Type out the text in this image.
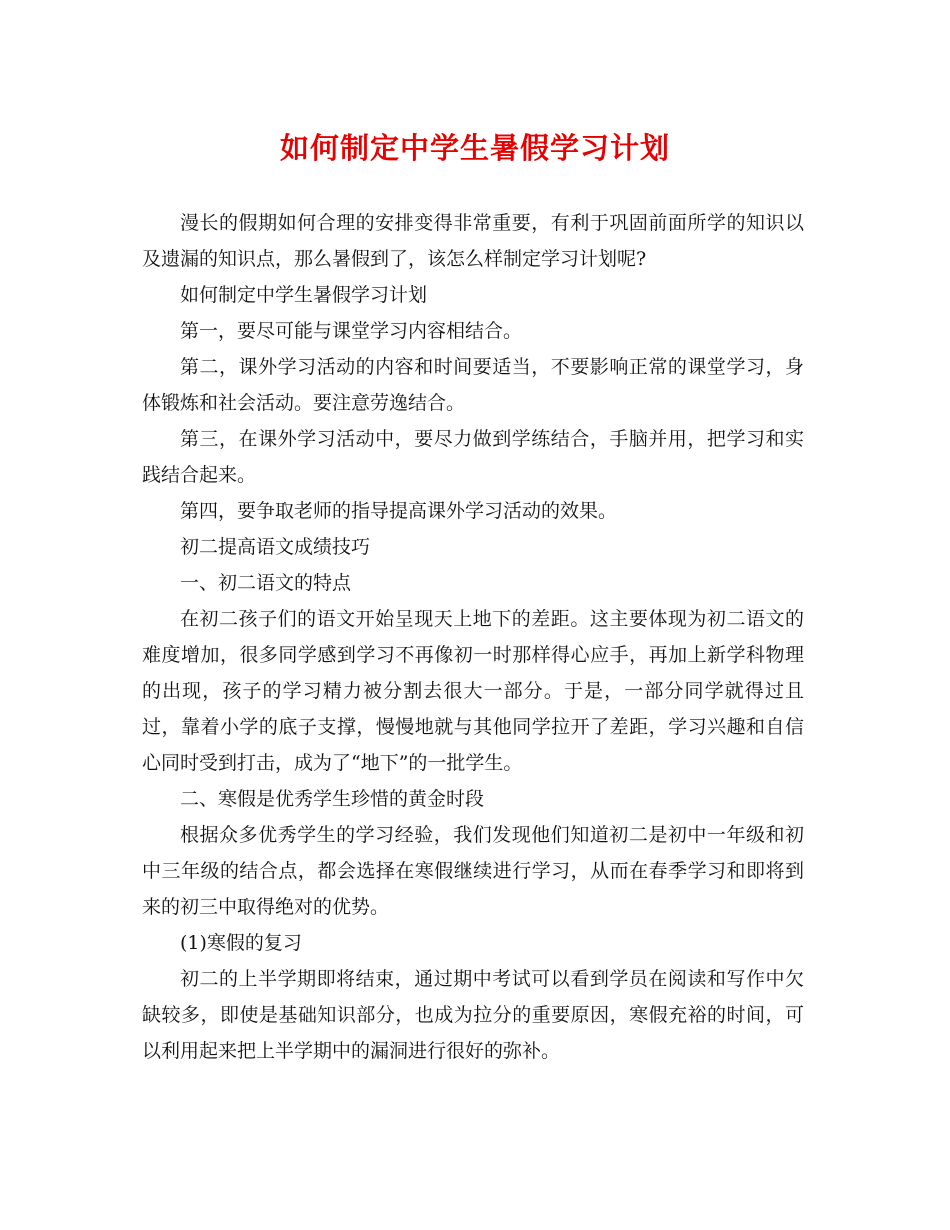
如何制定中学生暑假学习计划

漫长的假期如何合理的安排变得非常重要，有利于巩固前面所学的知识以及遗漏的知识点，那么暑假到了，该怎么样制定学习计划呢?

如何制定中学生暑假学习计划

第一，要尽可能与课堂学习内容相结合。

第二，课外学习活动的内容和时间要适当，不要影响正常的课堂学习，身体锻炼和社会活动。要注意劳逸结合。

第三，在课外学习活动中，要尽力做到学练结合，手脑并用，把学习和实践结合起来。

第四，要争取老师的指导提高课外学习活动的效果。

初二提高语文成绩技巧

一、初二语文的特点

在初二孩子们的语文开始呈现天上地下的差距。这主要体现为初二语文的难度增加，很多同学感到学习不再像初一时那样得心应手，再加上新学科物理的出现，孩子的学习精力被分割去很大一部分。于是，一部分同学就得过且过，靠着小学的底子支撑，慢慢地就与其他同学拉开了差距，学习兴趣和自信心同时受到打击，成为了“地下”的一批学生。

二、寒假是优秀学生珍惜的黄金时段

根据众多优秀学生的学习经验，我们发现他们知道初二是初中一年级和初中三年级的结合点，都会选择在寒假继续进行学习，从而在春季学习和即将到来的初三中取得绝对的优势。

(1)寒假的复习

初二的上半学期即将结束，通过期中考试可以看到学员在阅读和写作中欠缺较多，即使是基础知识部分，也成为拉分的重要原因，寒假充裕的时间，可以利用起来把上半学期中的漏洞进行很好的弥补。
